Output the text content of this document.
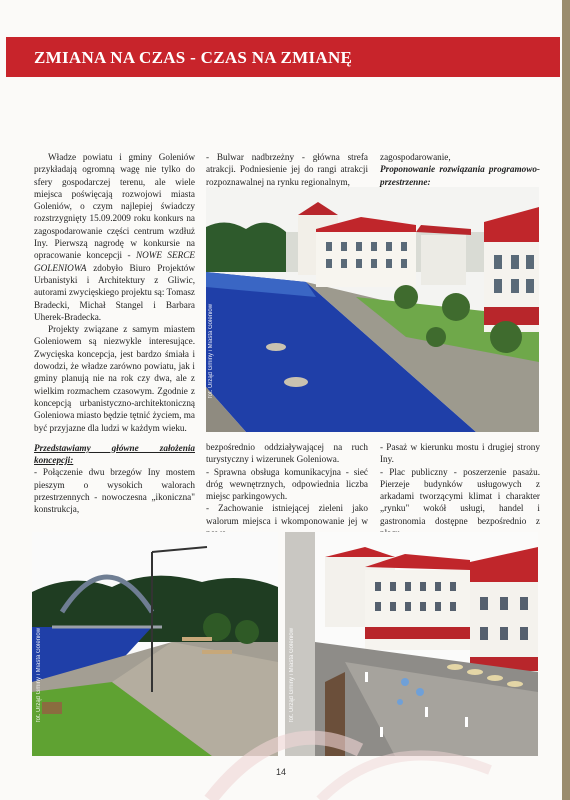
ZMIANA NA CZAS - CZAS NA ZMIANĘ

Władze powiatu i gminy Goleniów przykładają ogromną wagę nie tylko do sfery gospodarczej terenu, ale wiele miejsca poświęcają rozwojowi miasta Goleniów, o czym najlepiej świadczy rozstrzygnięty 15.09.2009 roku konkurs na zagospodarowanie części centrum wzdłuż Iny. Pierwszą nagrodę w konkursie na opracowanie koncepcji - NOWE SERCE GOLENIOWA zdobyło Biuro Projektów Urbanistyki i Architektury z Gliwic, autorami zwycięskiego projektu są: Tomasz Bradecki, Michał Stangel i Barbara Uherek-Bradecka.

Projekty związane z samym miastem Goleniowem są niezwykle interesujące. Zwycięska koncepcja, jest bardzo śmiała i dowodzi, że władze zarówno powiatu, jak i gminy planują nie na rok czy dwa, ale z wielkim rozmachem czasowym. Zgodnie z koncepcją urbanistyczno-architektoniczną Goleniowa miasto będzie tętnić życiem, ma być przyjazne dla ludzi w każdym wieku.

Przedstawiamy główne założenia koncepcji:

- Połączenie dwu brzegów Iny mostem pieszym o wysokich walorach przestrzennych - nowoczesna „ikoniczna" konstrukcja,

- Bulwar nadbrzeżny - główna strefa atrakcji. Podniesienie jej do rangi atrakcji rozpoznawalnej na rynku regionalnym,

zagospodarowanie,

Proponowanie rozwiązania programowo-przestrzenne:

fot. Urząd Gminy i Miasta Goleniów

bezpośrednio oddziaływającej na ruch turystyczny i wizerunek Goleniowa.

- Sprawna obsługa komunikacyjna - sieć dróg wewnętrznych, odpowiednia liczba miejsc parkingowych.

- Zachowanie istniejącej zieleni jako walorum miejsca i wkomponowanie jej w

- Pasaż w kierunku mostu i drugiej strony Iny.

- Plac publiczny - poszerzenie pasażu. Pierzeje budynków usługowych z arkadami tworzącymi klimat i charakter „rynku" wokół usługi, handel i gastronomia dostępne bezpośrednio z

fot. Urząd Gminy i Miasta Goleniów	fot. Urząd Gminy i Miasta Goleniów
14
